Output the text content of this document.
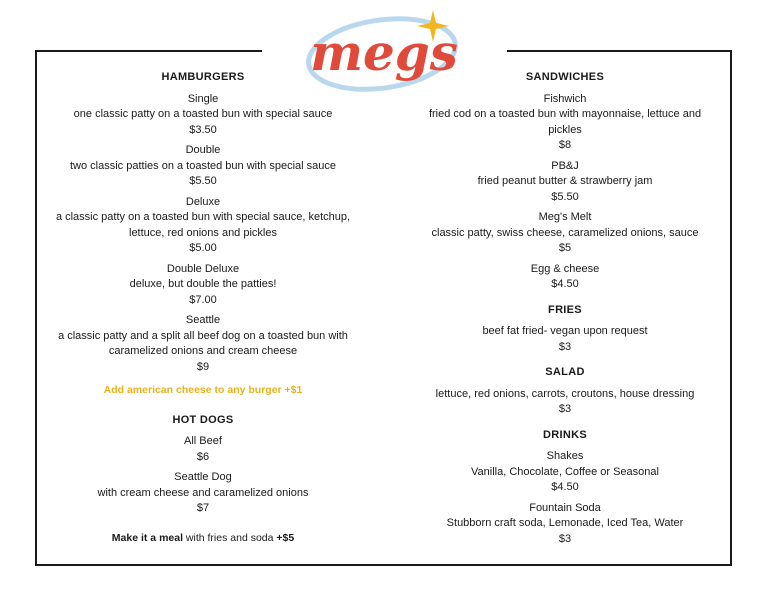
megs
HAMBURGERS
Single
one classic patty on a toasted bun with special sauce
$3.50
Double
two classic patties on a toasted bun with special sauce
$5.50
Deluxe
a classic patty on a toasted bun with special sauce, ketchup, lettuce, red onions and pickles
$5.00
Double Deluxe
deluxe, but double the patties!
$7.00
Seattle
a classic patty and a split all beef dog on a toasted bun with caramelized onions and cream cheese
$9
Add american cheese to any burger +$1
HOT DOGS
All Beef
$6
Seattle Dog
with cream cheese and caramelized onions
$7
Make it a meal with fries and soda +$5
SANDWICHES
Fishwich
fried cod on a toasted bun with mayonnaise, lettuce and pickles
$8
PB&J
fried peanut butter & strawberry jam
$5.50
Meg's Melt
classic patty, swiss cheese, caramelized onions, sauce
$5
Egg & cheese
$4.50
FRIES
beef fat fried- vegan upon request
$3
SALAD
lettuce, red onions, carrots, croutons, house dressing
$3
DRINKS
Shakes
Vanilla, Chocolate, Coffee or Seasonal
$4.50
Fountain Soda
Stubborn craft soda, Lemonade, Iced Tea, Water
$3
